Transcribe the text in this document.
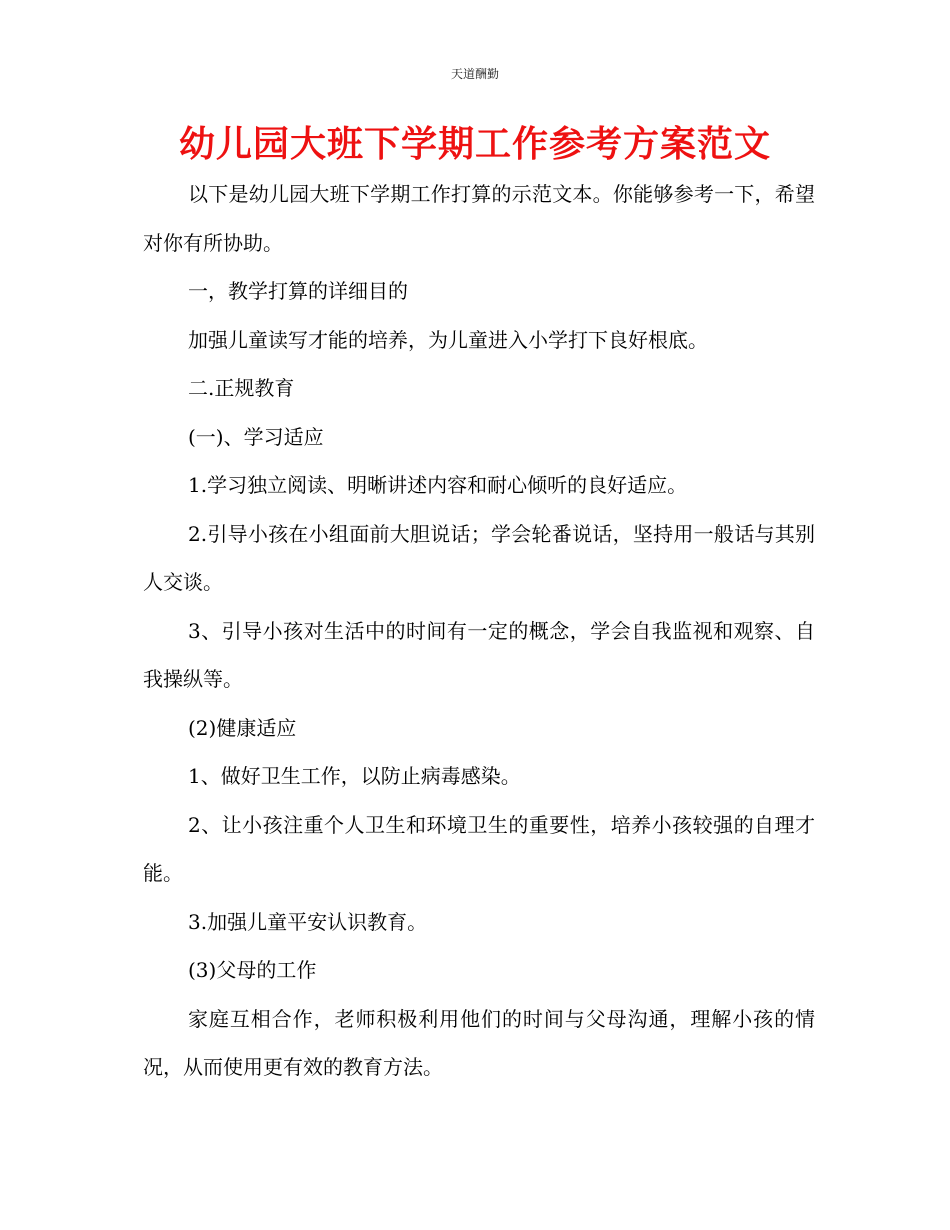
天道酬勤
幼儿园大班下学期工作参考方案范文

以下是幼儿园大班下学期工作打算的示范文本。你能够参考一下，希望对你有所协助。

一，教学打算的详细目的

加强儿童读写才能的培养，为儿童进入小学打下良好根底。

二.正规教育

(一)、学习适应

1.学习独立阅读、明晰讲述内容和耐心倾听的良好适应。

2.引导小孩在小组面前大胆说话；学会轮番说话，坚持用一般话与其别人交谈。

3、引导小孩对生活中的时间有一定的概念，学会自我监视和观察、自我操纵等。

(2)健康适应

1、做好卫生工作，以防止病毒感染。

2、让小孩注重个人卫生和环境卫生的重要性，培养小孩较强的自理才能。

3.加强儿童平安认识教育。

(3)父母的工作

家庭互相合作，老师积极利用他们的时间与父母沟通，理解小孩的情况，从而使用更有效的教育方法。
